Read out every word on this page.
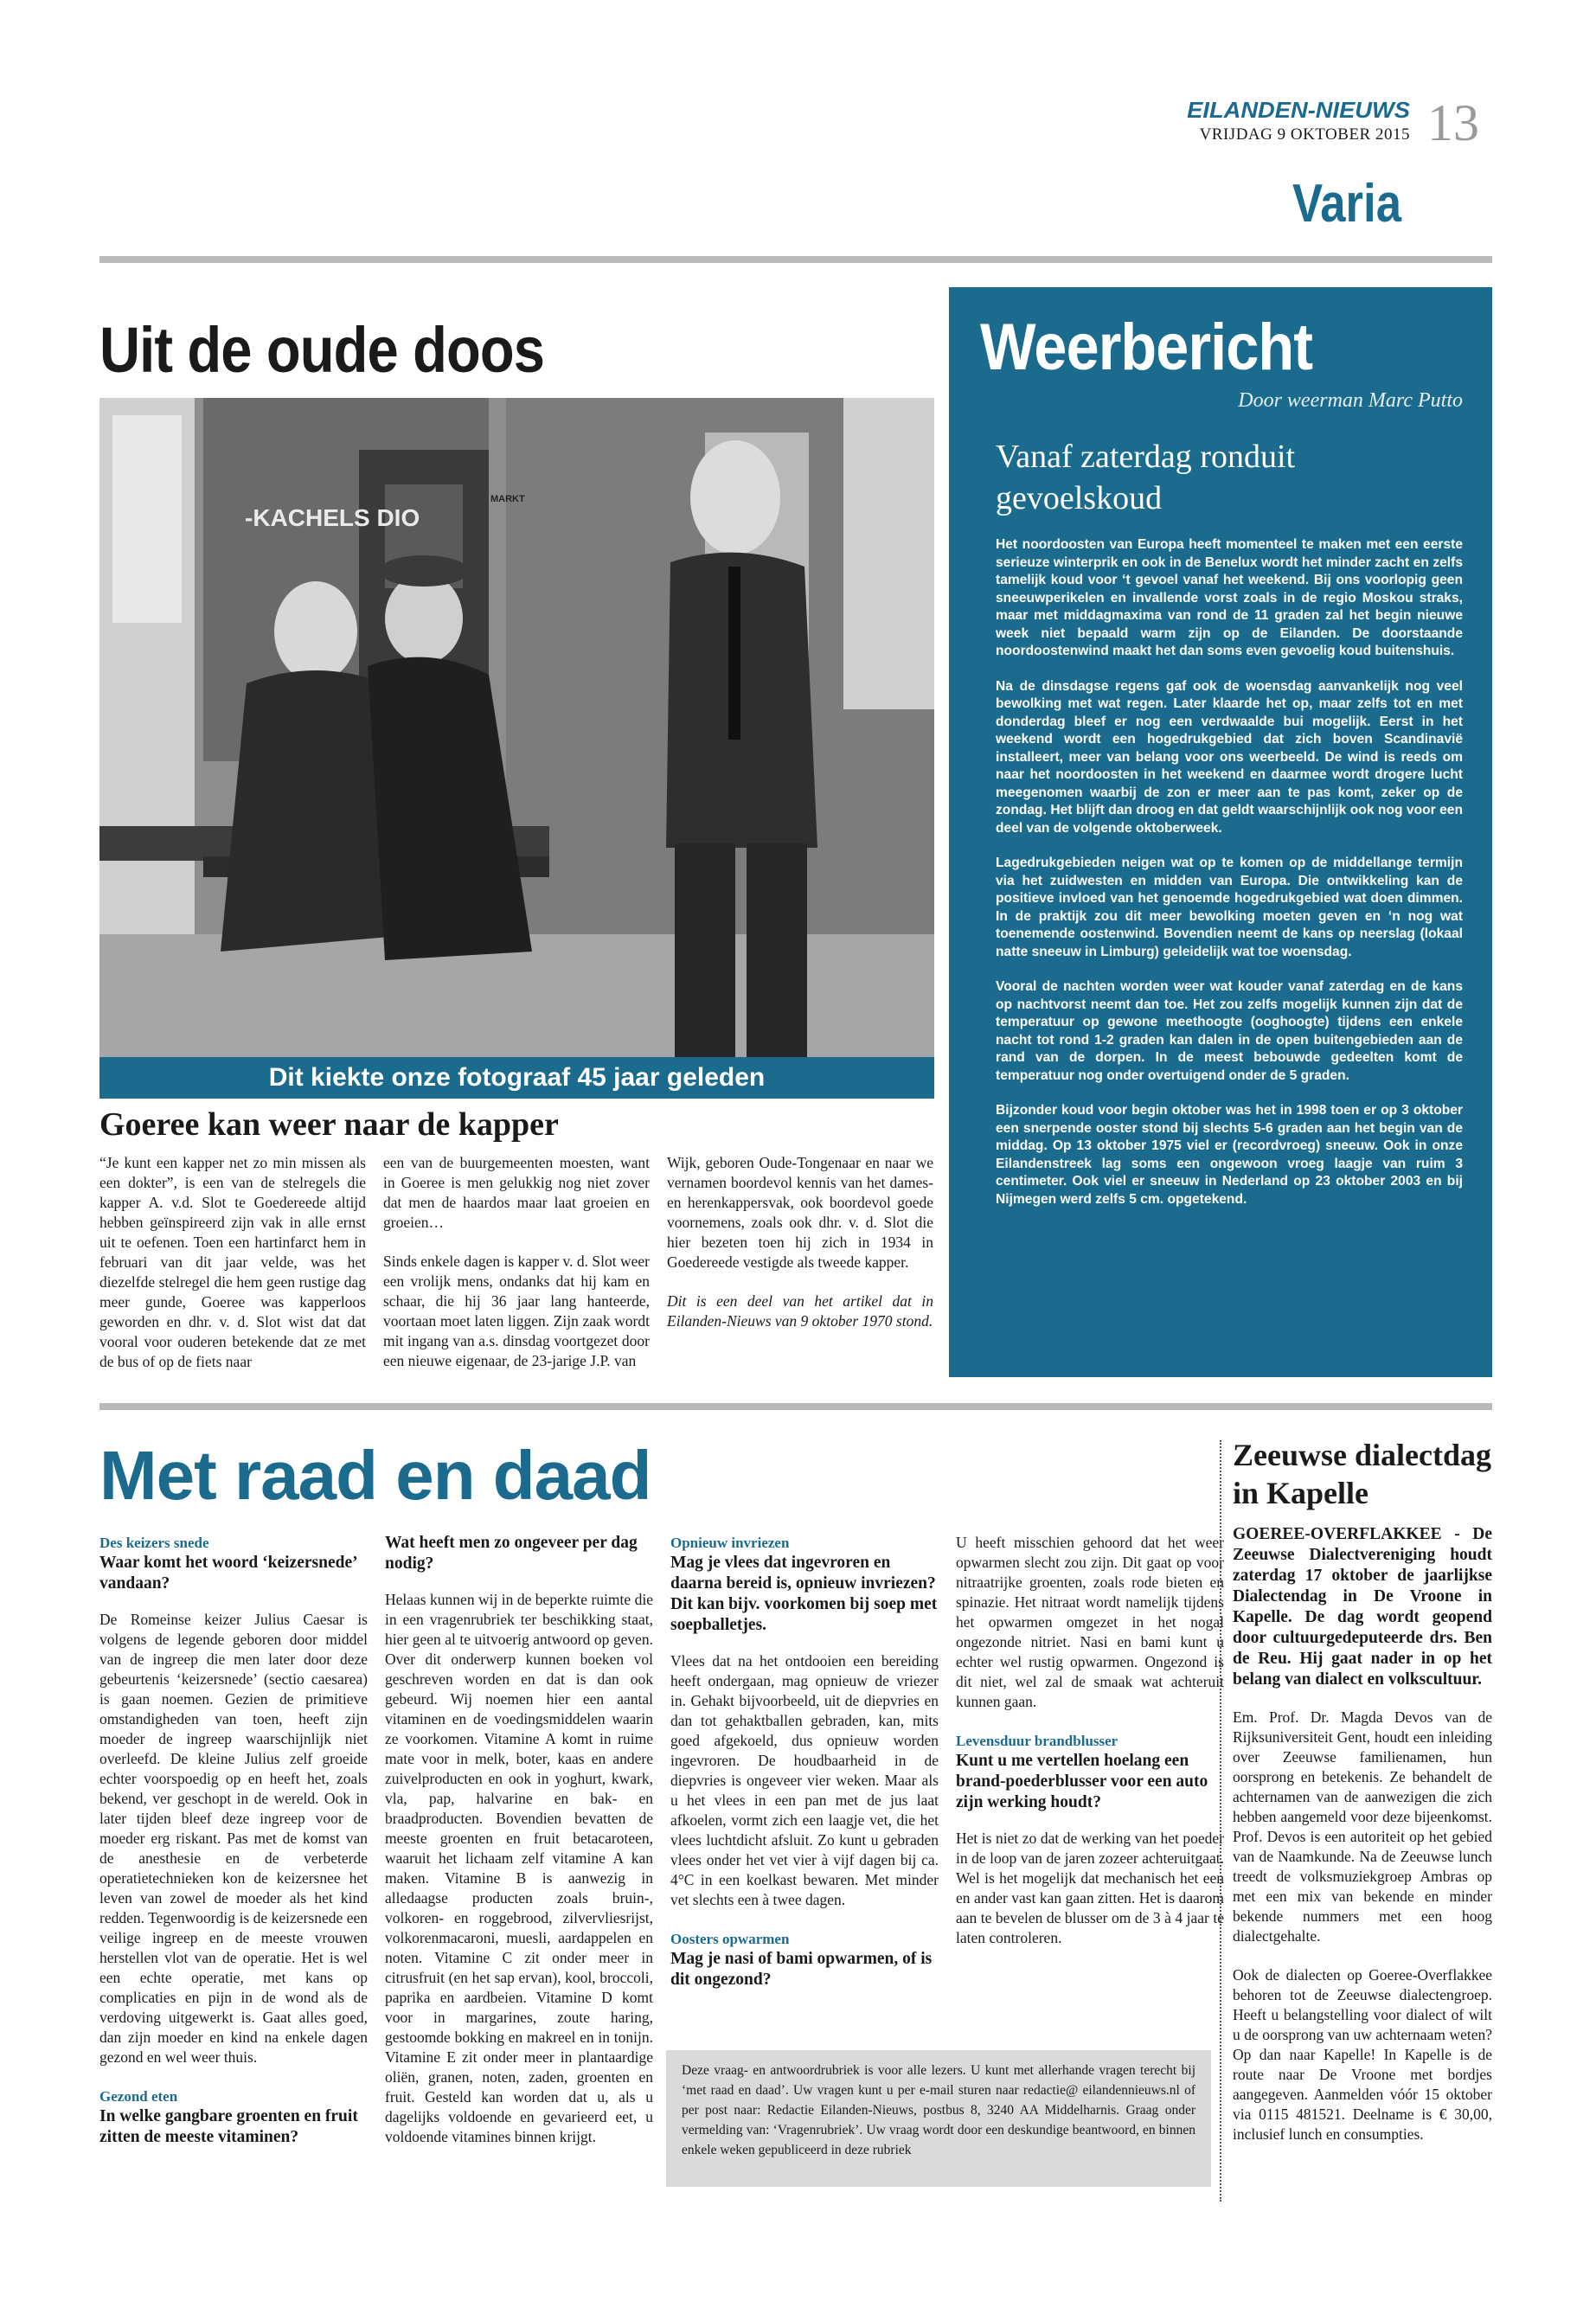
EILANDEN-NIEUWS
VRIJDAG 9 OKTOBER 2015 13
Varia
Uit de oude doos
-KACHELS DIO
MARKT
Dit kiekte onze fotograaf 45 jaar geleden
Goeree kan weer naar de kapper

“Je kunt een kapper net zo min missen als een dokter”, is een van de stelregels die kapper A. v.d. Slot te Goedereede altijd hebben geïnspireerd zijn vak in alle ernst uit te oefenen. Toen een hartinfarct hem in februari van dit jaar velde, was het diezelfde stelregel die hem geen rustige dag meer gunde, Goeree was kapperloos geworden en dhr. v. d. Slot wist dat dat vooral voor ouderen betekende dat ze met de bus of op de fiets naar

een van de buurgemeenten moesten, want in Goeree is men gelukkig nog niet zover dat men de haardos maar laat groeien en groeien…

Sinds enkele dagen is kapper v. d. Slot weer een vrolijk mens, ondanks dat hij kam en schaar, die hij 36 jaar lang hanteerde, voortaan moet laten liggen. Zijn zaak wordt mit ingang van a.s. dinsdag voortgezet door een nieuwe eigenaar, de 23-jarige J.P. van

Wijk, geboren Oude-Tongenaar en naar we vernamen boordevol kennis van het dames- en herenkappersvak, ook boordevol goede voornemens, zoals ook dhr. v. d. Slot die hier bezeten toen hij zich in 1934 in Goedereede vestigde als tweede kapper.

Dit is een deel van het artikel dat in Eilanden-Nieuws van 9 oktober 1970 stond.

Weerbericht
Door weerman Marc Putto
Vanaf zaterdag ronduit gevoelskoud

Het noordoosten van Europa heeft momenteel te maken met een eerste serieuze winterprik en ook in de Benelux wordt het minder zacht en zelfs tamelijk koud voor ‘t gevoel vanaf het weekend. Bij ons voorlopig geen sneeuwperikelen en invallende vorst zoals in de regio Moskou straks, maar met middagmaxima van rond de 11 graden zal het begin nieuwe week niet bepaald warm zijn op de Eilanden. De doorstaande noordoostenwind maakt het dan soms even gevoelig koud buitenshuis.

Na de dinsdagse regens gaf ook de woensdag aanvankelijk nog veel bewolking met wat regen. Later klaarde het op, maar zelfs tot en met donderdag bleef er nog een verdwaalde bui mogelijk. Eerst in het weekend wordt een hogedrukgebied dat zich boven Scandinavië installeert, meer van belang voor ons weerbeeld. De wind is reeds om naar het noordoosten in het weekend en daarmee wordt drogere lucht meegenomen waarbij de zon er meer aan te pas komt, zeker op de zondag. Het blijft dan droog en dat geldt waarschijnlijk ook nog voor een deel van de volgende oktoberweek.

Lagedrukgebieden neigen wat op te komen op de middellange termijn via het zuidwesten en midden van Europa. Die ontwikkeling kan de positieve invloed van het genoemde hogedrukgebied wat doen dimmen. In de praktijk zou dit meer bewolking moeten geven en ‘n nog wat toenemende oostenwind. Bovendien neemt de kans op neerslag (lokaal natte sneeuw in Limburg) geleidelijk wat toe woensdag.

Vooral de nachten worden weer wat kouder vanaf zaterdag en de kans op nachtvorst neemt dan toe. Het zou zelfs mogelijk kunnen zijn dat de temperatuur op gewone meethoogte (ooghoogte) tijdens een enkele nacht tot rond 1-2 graden kan dalen in de open buitengebieden aan de rand van de dorpen. In de meest bebouwde gedeelten komt de temperatuur nog onder overtuigend onder de 5 graden.

Bijzonder koud voor begin oktober was het in 1998 toen er op 3 oktober een snerpende ooster stond bij slechts 5-6 graden aan het begin van de middag. Op 13 oktober 1975 viel er (recordvroeg) sneeuw. Ook in onze Eilandenstreek lag soms een ongewoon vroeg laagje van ruim 3 centimeter. Ook viel er sneeuw in Nederland op 23 oktober 2003 en bij Nijmegen werd zelfs 5 cm. opgetekend.

Met raad en daad
Des keizers snede
Waar komt het woord ‘keizersnede’ vandaan?

De Romeinse keizer Julius Caesar is volgens de legende geboren door middel van de ingreep die men later door deze gebeurtenis ‘keizersnede’ (sectio caesarea) is gaan noemen. Gezien de primitieve omstandigheden van toen, heeft zijn moeder de ingreep waarschijnlijk niet overleefd. De kleine Julius zelf groeide echter voorspoedig op en heeft het, zoals bekend, ver geschopt in de wereld. Ook in later tijden bleef deze ingreep voor de moeder erg riskant. Pas met de komst van de anesthesie en de verbeterde operatietechnieken kon de keizersnee het leven van zowel de moeder als het kind redden. Tegenwoordig is de keizersnede een veilige ingreep en de meeste vrouwen herstellen vlot van de operatie. Het is wel een echte operatie, met kans op complicaties en pijn in de wond als de verdoving uitgewerkt is. Gaat alles goed, dan zijn moeder en kind na enkele dagen gezond en wel weer thuis.

Gezond eten
In welke gangbare groenten en fruit zitten de meeste vitaminen?
Wat heeft men zo ongeveer per dag nodig?

Helaas kunnen wij in de beperkte ruimte die in een vragenrubriek ter beschikking staat, hier geen al te uitvoerig antwoord op geven. Over dit onderwerp kunnen boeken vol geschreven worden en dat is dan ook gebeurd. Wij noemen hier een aantal vitaminen en de voedingsmiddelen waarin ze voorkomen. Vitamine A komt in ruime mate voor in melk, boter, kaas en andere zuivelproducten en ook in yoghurt, kwark, vla, pap, halvarine en bak- en braadproducten. Bovendien bevatten de meeste groenten en fruit betacaroteen, waaruit het lichaam zelf vitamine A kan maken. Vitamine B is aanwezig in alledaagse producten zoals bruin-, volkoren- en roggebrood, zilvervliesrijst, volkorenmacaroni, muesli, aardappelen en noten. Vitamine C zit onder meer in citrusfruit (en het sap ervan), kool, broccoli, paprika en aardbeien. Vitamine D komt voor in margarines, zoute haring, gestoomde bokking en makreel en in tonijn. Vitamine E zit onder meer in plantaardige oliën, granen, noten, zaden, groenten en fruit. Gesteld kan worden dat u, als u dagelijks voldoende en gevarieerd eet, u voldoende vitamines binnen krijgt.

Opnieuw invriezen
Mag je vlees dat ingevroren en daarna bereid is, opnieuw invriezen? Dit kan bijv. voorkomen bij soep met soepballetjes.

Vlees dat na het ontdooien een bereiding heeft ondergaan, mag opnieuw de vriezer in. Gehakt bijvoorbeeld, uit de diepvries en dan tot gehaktballen gebraden, kan, mits goed afgekoeld, dus opnieuw worden ingevroren. De houdbaarheid in de diepvries is ongeveer vier weken. Maar als u het vlees in een pan met de jus laat afkoelen, vormt zich een laagje vet, die het vlees luchtdicht afsluit. Zo kunt u gebraden vlees onder het vet vier à vijf dagen bij ca. 4°C in een koelkast bewaren. Met minder vet slechts een à twee dagen.

Oosters opwarmen
Mag je nasi of bami opwarmen, of is dit ongezond?

U heeft misschien gehoord dat het weer opwarmen slecht zou zijn. Dit gaat op voor nitraatrijke groenten, zoals rode bieten en spinazie. Het nitraat wordt namelijk tijdens het opwarmen omgezet in het nogal ongezonde nitriet. Nasi en bami kunt u echter wel rustig opwarmen. Ongezond is dit niet, wel zal de smaak wat achteruit kunnen gaan.

Levensduur brandblusser
Kunt u me vertellen hoelang een brand-poederblusser voor een auto zijn werking houdt?

Het is niet zo dat de werking van het poeder in de loop van de jaren zozeer achteruitgaat. Wel is het mogelijk dat mechanisch het een en ander vast kan gaan zitten. Het is daarom aan te bevelen de blusser om de 3 à 4 jaar te laten controleren.

Deze vraag- en antwoordrubriek is voor alle lezers. U kunt met allerhande vragen terecht bij ‘met raad en daad’. Uw vragen kunt u per e-mail sturen naar redactie@ eilandennieuws.nl of per post naar: Redactie Eilanden-Nieuws, postbus 8, 3240 AA Middelharnis. Graag onder vermelding van: ‘Vragenrubriek’. Uw vraag wordt door een deskundige beantwoord, en binnen enkele weken gepubliceerd in deze rubriek
Zeeuwse dialectdag in Kapelle
GOEREE-OVERFLAKKEE - De Zeeuwse Dialectvereniging houdt zaterdag 17 oktober de jaarlijkse Dialectendag in De Vroone in Kapelle. De dag wordt geopend door cultuurgedeputeerde drs. Ben de Reu. Hij gaat nader in op het belang van dialect en volkscultuur.

Em. Prof. Dr. Magda Devos van de Rijksuniversiteit Gent, houdt een inleiding over Zeeuwse familienamen, hun oorsprong en betekenis. Ze behandelt de achternamen van de aanwezigen die zich hebben aangemeld voor deze bijeenkomst. Prof. Devos is een autoriteit op het gebied van de Naamkunde. Na de Zeeuwse lunch treedt de volksmuziekgroep Ambras op met een mix van bekende en minder bekende nummers met een hoog dialectgehalte.

Ook de dialecten op Goeree-Overflakkee behoren tot de Zeeuwse dialectengroep. Heeft u belangstelling voor dialect of wilt u de oorsprong van uw achternaam weten? Op dan naar Kapelle! In Kapelle is de route naar De Vroone met bordjes aangegeven. Aanmelden vóór 15 oktober via 0115 481521. Deelname is € 30,00, inclusief lunch en consumpties.
